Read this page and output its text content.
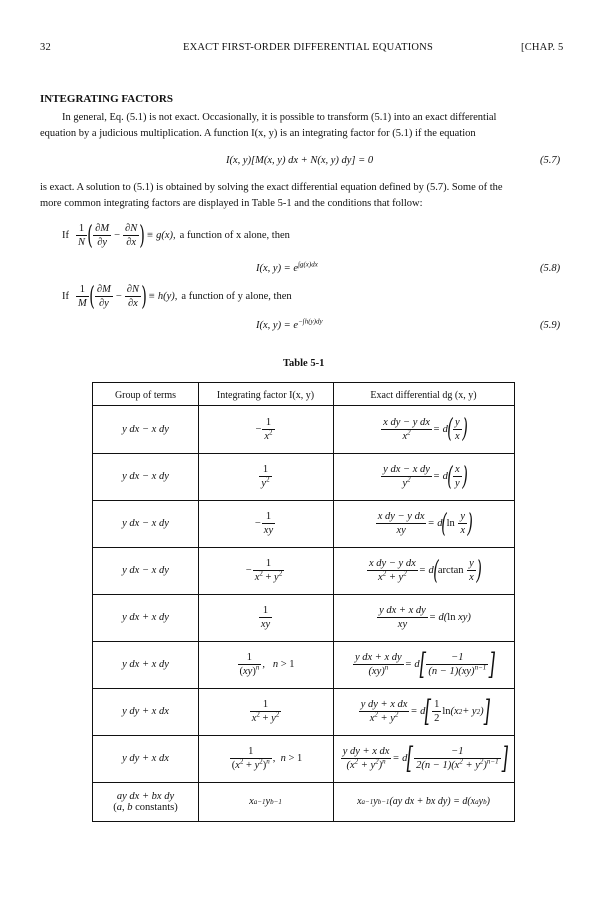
32	EXACT FIRST-ORDER DIFFERENTIAL EQUATIONS	[CHAP. 5
INTEGRATING FACTORS
In general, Eq. (5.1) is not exact. Occasionally, it is possible to transform (5.1) into an exact differential
equation by a judicious multiplication. A function I(x, y) is an integrating factor for (5.1) if the equation
I(x, y)[M(x, y) dx + N(x, y) dy] = 0	(5.7)
is exact. A solution to (5.1) is obtained by solving the exact differential equation defined by (5.7). Some of the
more common integrating factors are displayed in Table 5-1 and the conditions that follow:
If $\frac{1}{N}$ ( $\frac{\partial M}{\partial y} - \frac{\partial N}{\partial x}$ ) ≡ g(x), a function of x alone, then
I(x, $y) = e^{\int g(x)dx}$	(5.8)
If $\frac{1}{M}$ ( $\frac{\partial M}{\partial y} - \frac{\partial N}{\partial x}$ ) ≡ h(y), a function of y alone, then
I(x, $y) = e^{-\int h(y)dy}$	(5.9)
Table 5-1
Group of terms	Integrating factor I(x, y)	Exact differential dg (x, y)
y dx − x dy	− $\frac{1}{x^2}$	$\frac{\text{x dy − y dx}}{x^2} = d$ ( $\frac{y}{x}$ )
y dx − x dy	$\frac{1}{y^2}$	$\frac{\text{y dx − x dy}}{y^2} = d$ ( $\frac{x}{y}$ )
y dx − x dy	− $\frac{1}{xy}$	$\frac{\text{x dy − y dx}}{xy} = d$ ( ln
$\frac{y}{x}$ )
y dx − x dy	− $\frac{1}{x^2 + y^2}$	$\frac{\text{x dy − y dx}}{x^2 + y^2} = d$ ( arctan
$\frac{y}{x}$ )
y dx + x dy	$\frac{1}{xy}$	$\frac{\text{y dx + x dy}}{xy} = d$( ln xy)
y dx + x dy	$\frac{1}{(xy)^n}$ , n > 1	$\frac{\text{y dx + x dy}}{(xy)^n} = d$ [ $\frac{-1}{(n - 1)(xy)^{n-1}}$ ]
y dy + x dx	$\frac{1}{x^2 + y^2}$	$\frac{\text{y dy + x dx}}{x^2 + y^2} = d$ [ $\frac{1}{2}$ ln (x 2 + y 2 ) ]
y dy + x dx	$\frac{1}{(x^2 + y^2)^n}$ , n > 1	$\frac{\text{y dy + x dx}}{(x^2 + y^2)^n} = d$ [ $\frac{-1}{2(n - 1)(x^2 + y^2)^{n-1}}$ ]
ay dx + bx dy
(a, b constants)	x a−1 y b−1	x a−1 y b−1 (ay dx + bx dy) = d(x a y b )
